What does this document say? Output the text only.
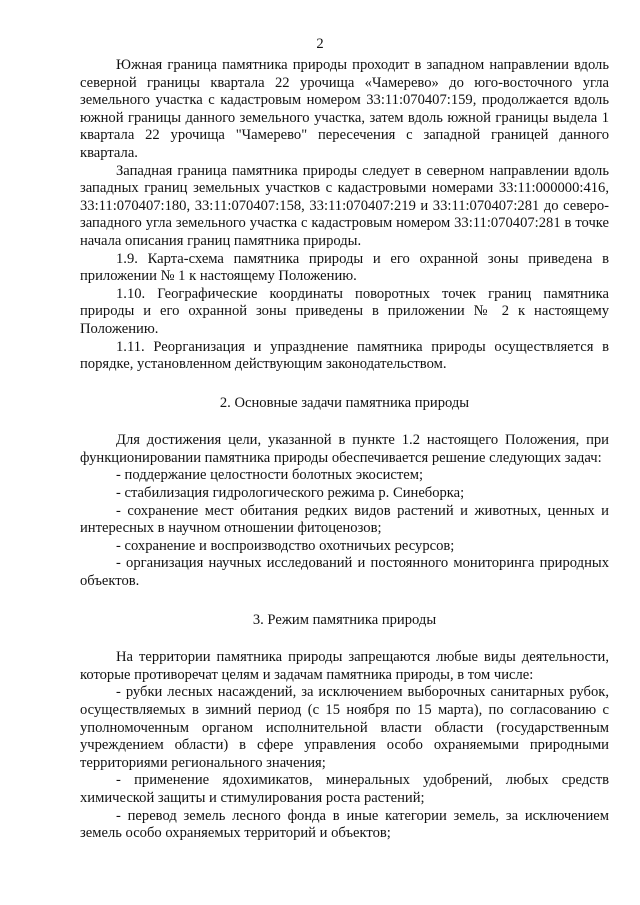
2

Южная граница памятника природы проходит в западном направлении вдоль северной границы квартала 22 урочища «Чамерево» до юго-восточного угла земельного участка с кадастровым номером 33:11:070407:159, продолжается вдоль южной границы данного земельного участка, затем вдоль южной границы выдела 1 квартала 22 урочища "Чамерево" пересечения с западной границей данного квартала.

Западная граница памятника природы следует в северном направлении вдоль западных границ земельных участков с кадастровыми номерами 33:11:000000:416, 33:11:070407:180, 33:11:070407:158, 33:11:070407:219 и 33:11:070407:281 до северо-западного угла земельного участка с кадастровым номером 33:11:070407:281 в точке начала описания границ памятника природы.

1.9. Карта-схема памятника природы и его охранной зоны приведена в приложении № 1 к настоящему Положению.

1.10. Географические координаты поворотных точек границ памятника природы и его охранной зоны приведены в приложении № 2 к настоящему Положению.

1.11. Реорганизация и упразднение памятника природы осуществляется в порядке, установленном действующим законодательством.

2. Основные задачи памятника природы

Для достижения цели, указанной в пункте 1.2 настоящего Положения, при функционировании памятника природы обеспечивается решение следующих задач:

- поддержание целостности болотных экосистем;

- стабилизация гидрологического режима р. Синеборка;

- сохранение мест обитания редких видов растений и животных, ценных и интересных в научном отношении фитоценозов;

- сохранение и воспроизводство охотничьих ресурсов;

- организация научных исследований и постоянного мониторинга природных объектов.

3. Режим памятника природы

На территории памятника природы запрещаются любые виды деятельности, которые противоречат целям и задачам памятника природы, в том числе:

- рубки лесных насаждений, за исключением выборочных санитарных рубок, осуществляемых в зимний период (с 15 ноября по 15 марта), по согласованию с уполномоченным органом исполнительной власти области (государственным учреждением области) в сфере управления особо охраняемыми природными территориями регионального значения;

- применение ядохимикатов, минеральных удобрений, любых средств химической защиты и стимулирования роста растений;

- перевод земель лесного фонда в иные категории земель, за исключением земель особо охраняемых территорий и объектов;
